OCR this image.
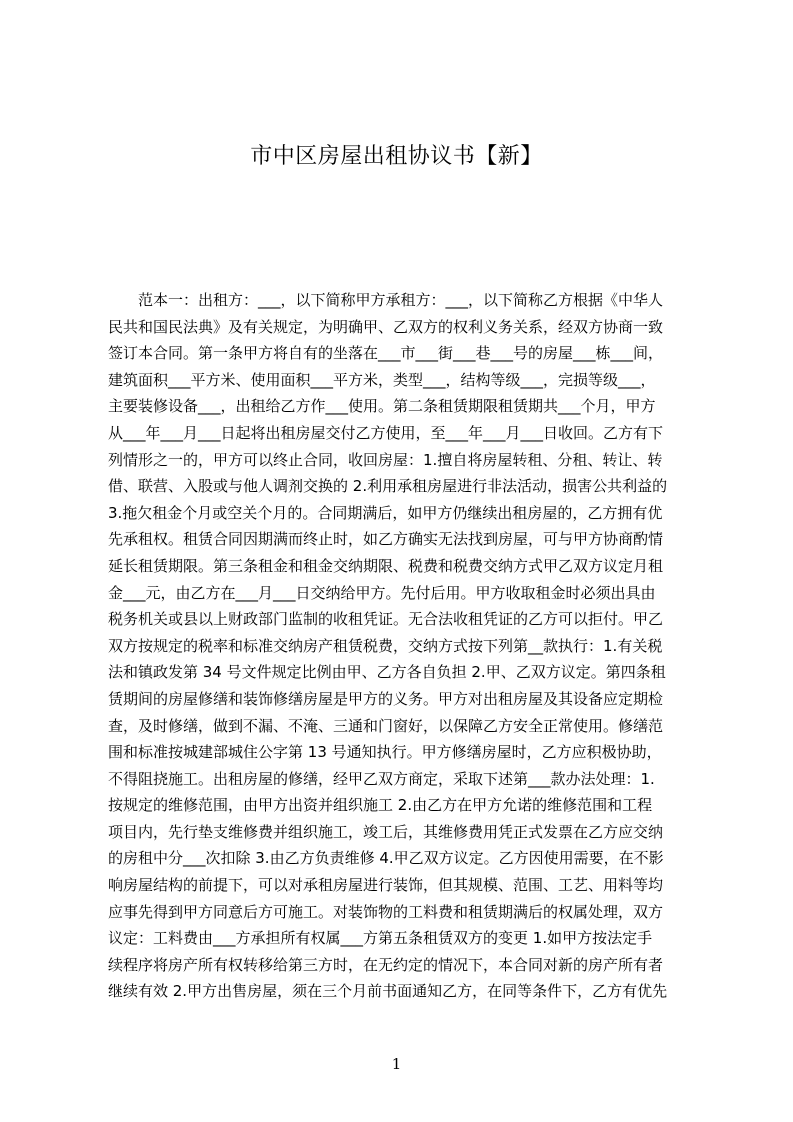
市中区房屋出租协议书【新】
范本一：出租方：___，以下简称甲方承租方：___，以下简称乙方根据《中华人
民共和国民法典》及有关规定，为明确甲、乙双方的权利义务关系，经双方协商一致
签订本合同。第一条甲方将自有的坐落在___市___街___巷___号的房屋___栋___间，
建筑面积___平方米、使用面积___平方米，类型___，结构等级___，完损等级___，
主要装修设备___，出租给乙方作___使用。第二条租赁期限租赁期共___个月，甲方
从___年___月___日起将出租房屋交付乙方使用，至___年___月___日收回。乙方有下
列情形之一的，甲方可以终止合同，收回房屋：1.擅自将房屋转租、分租、转让、转
借、联营、入股或与他人调剂交换的 2.利用承租房屋进行非法活动，损害公共利益的
3.拖欠租金个月或空关个月的。合同期满后，如甲方仍继续出租房屋的，乙方拥有优
先承租权。租赁合同因期满而终止时，如乙方确实无法找到房屋，可与甲方协商酌情
延长租赁期限。第三条租金和租金交纳期限、税费和税费交纳方式甲乙双方议定月租
金___元，由乙方在___月___日交纳给甲方。先付后用。甲方收取租金时必须出具由
税务机关或县以上财政部门监制的收租凭证。无合法收租凭证的乙方可以拒付。甲乙
双方按规定的税率和标准交纳房产租赁税费，交纳方式按下列第__款执行：1.有关税
法和镇政发第 34 号文件规定比例由甲、乙方各自负担 2.甲、乙双方议定。第四条租
赁期间的房屋修缮和装饰修缮房屋是甲方的义务。甲方对出租房屋及其设备应定期检
查，及时修缮，做到不漏、不淹、三通和门窗好，以保障乙方安全正常使用。修缮范
围和标准按城建部城住公字第 13 号通知执行。甲方修缮房屋时，乙方应积极协助，
不得阻挠施工。出租房屋的修缮，经甲乙双方商定，采取下述第___款办法处理：1.
按规定的维修范围，由甲方出资并组织施工 2.由乙方在甲方允诺的维修范围和工程
项目内，先行垫支维修费并组织施工，竣工后，其维修费用凭正式发票在乙方应交纳
的房租中分___次扣除 3.由乙方负责维修 4.甲乙双方议定。乙方因使用需要，在不影
响房屋结构的前提下，可以对承租房屋进行装饰，但其规模、范围、工艺、用料等均
应事先得到甲方同意后方可施工。对装饰物的工料费和租赁期满后的权属处理，双方
议定：工料费由___方承担所有权属___方第五条租赁双方的变更 1.如甲方按法定手
续程序将房产所有权转移给第三方时，在无约定的情况下，本合同对新的房产所有者
继续有效 2.甲方出售房屋，须在三个月前书面通知乙方，在同等条件下，乙方有优先
1
